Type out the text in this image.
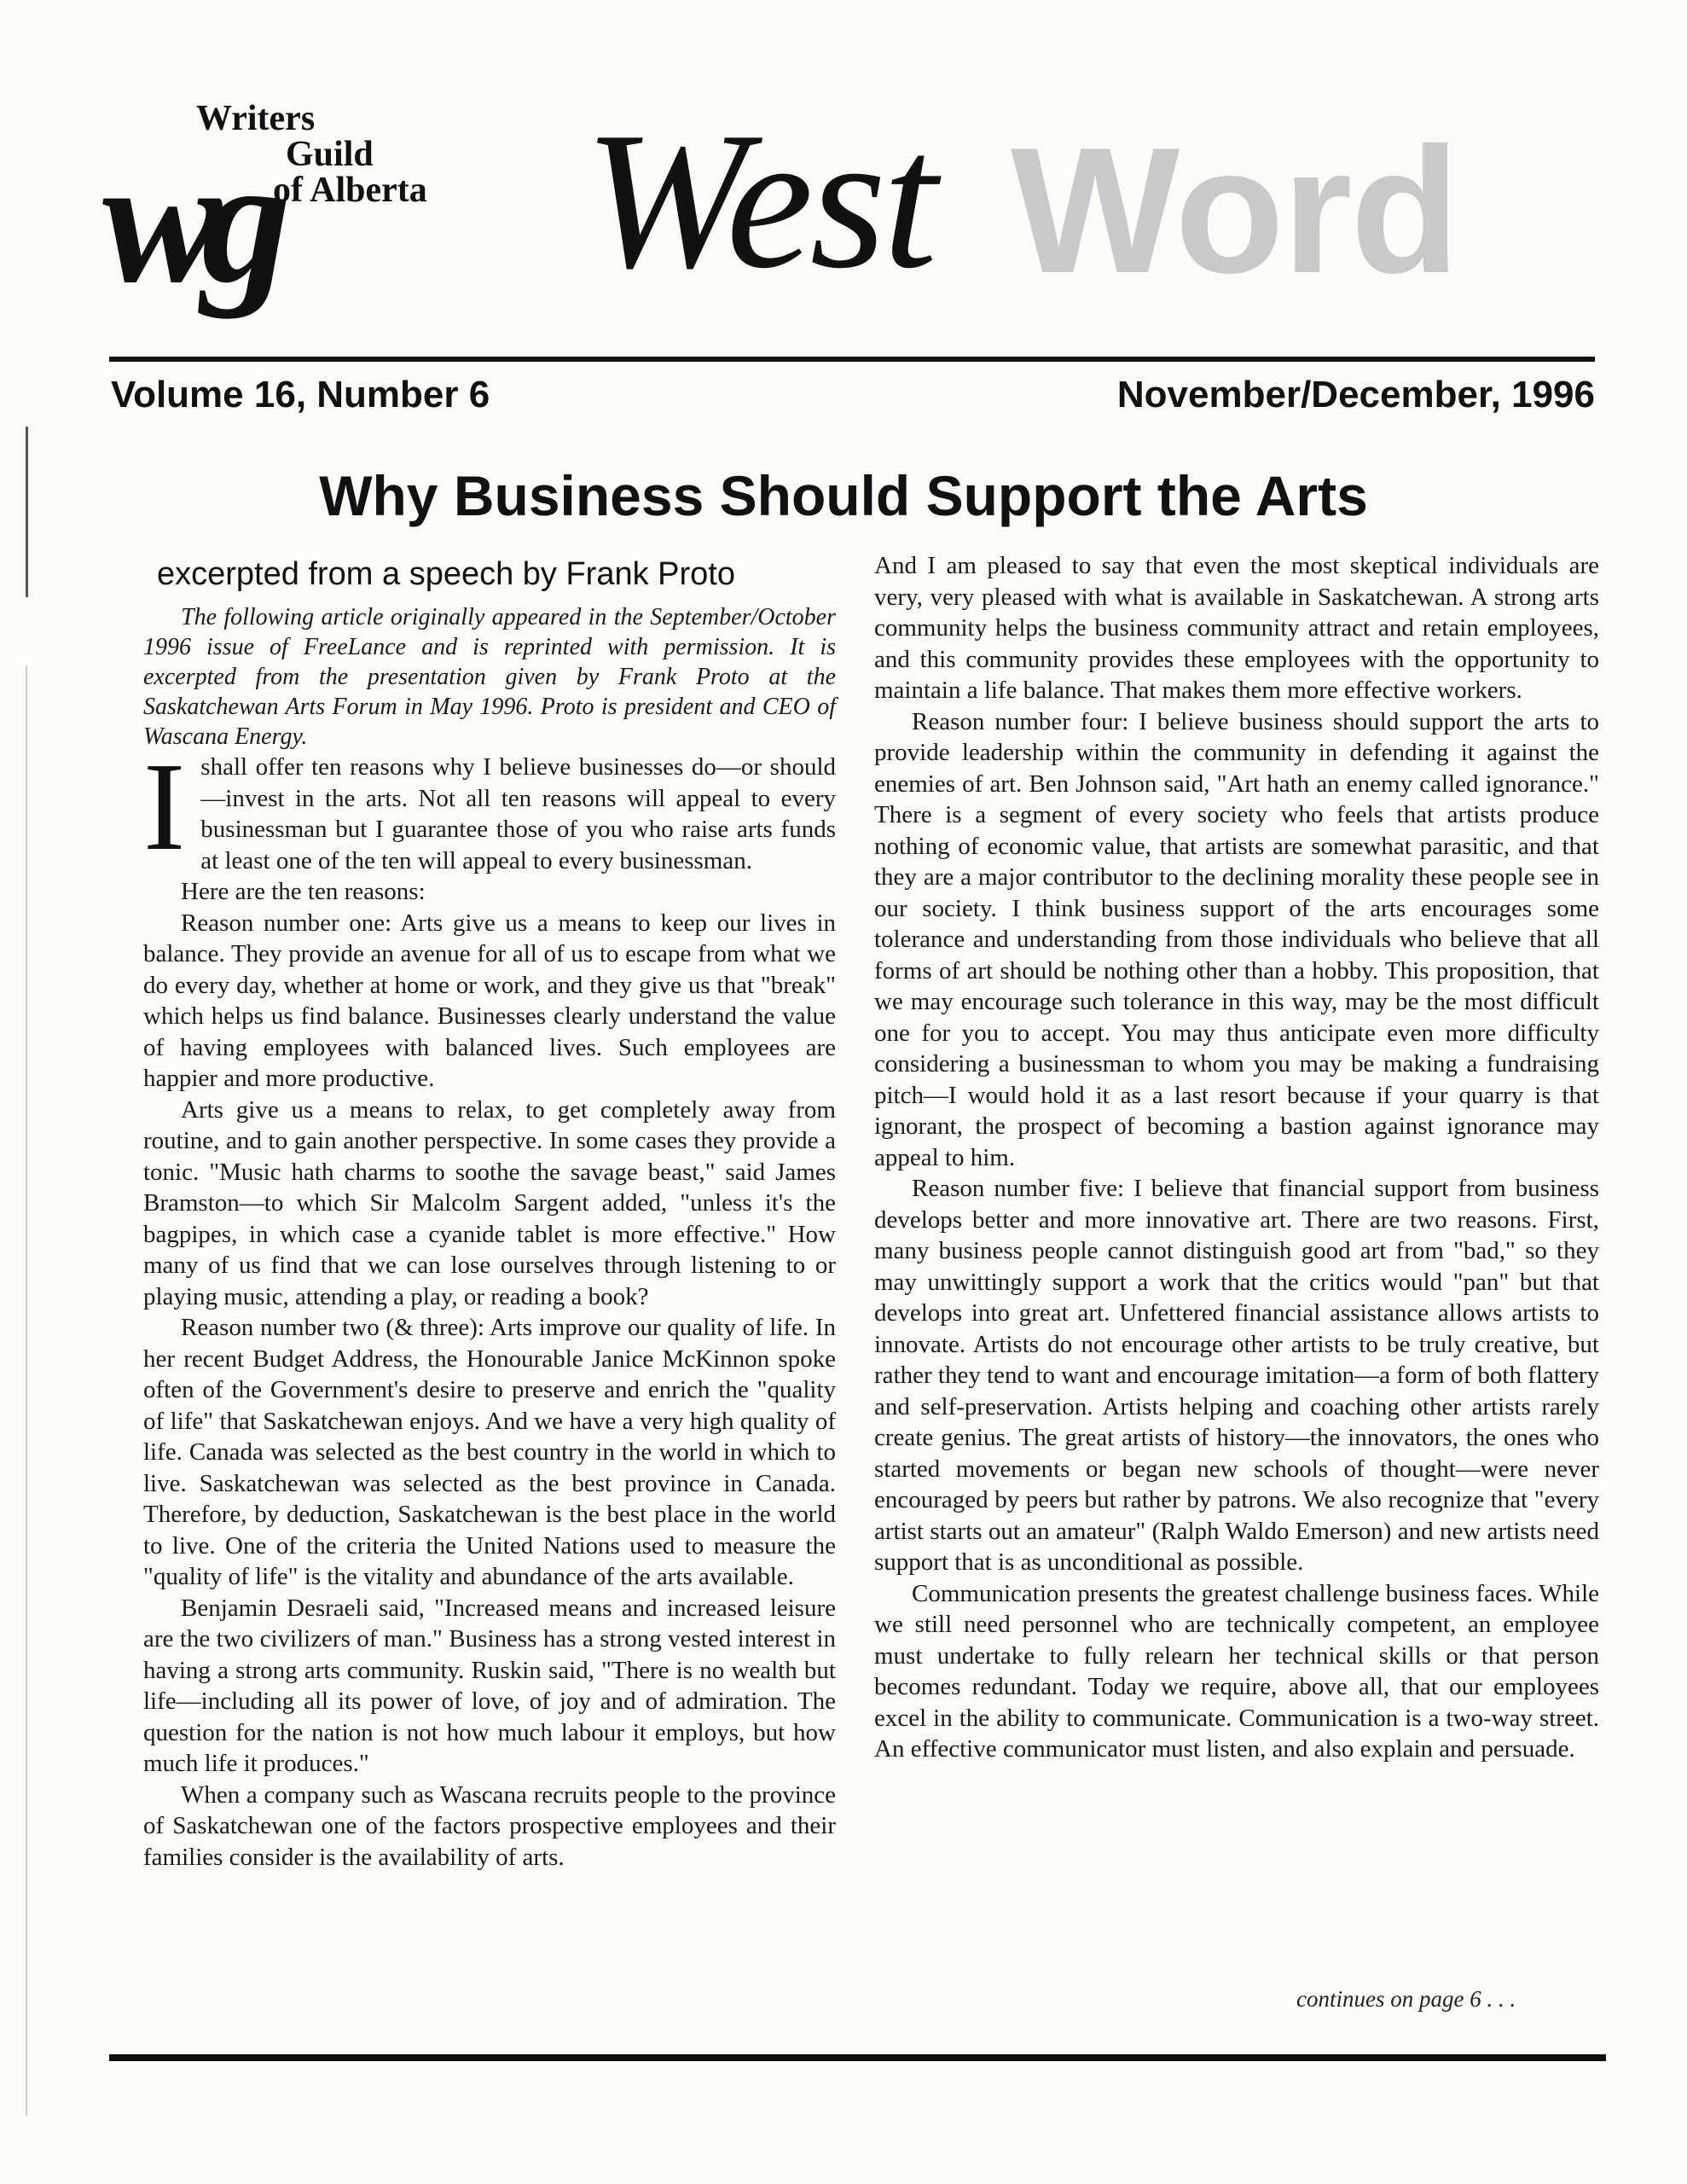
wg
Writers
Guild
of Alberta West Word
Volume 16, Number 6	November/December, 1996
Why Business Should Support the Arts
excerpted from a speech by Frank Proto

The following article originally appeared in the September/October 1996 issue of FreeLance and is reprinted with permission. It is excerpted from the presentation given by Frank Proto at the Saskatchewan Arts Forum in May 1996. Proto is president and CEO of Wascana Energy.

Ishall offer ten reasons why I believe businesses do—or should—invest in the arts. Not all ten reasons will appeal to every businessman but I guarantee those of you who raise arts funds at least one of the ten will appeal to every businessman.

Here are the ten reasons:

Reason number one: Arts give us a means to keep our lives in balance. They provide an avenue for all of us to escape from what we do every day, whether at home or work, and they give us that "break" which helps us find balance. Businesses clearly understand the value of having employees with balanced lives. Such employees are happier and more productive.

Arts give us a means to relax, to get completely away from routine, and to gain another perspective. In some cases they provide a tonic. "Music hath charms to soothe the savage beast," said James Bramston—to which Sir Malcolm Sargent added, "unless it's the bagpipes, in which case a cyanide tablet is more effective." How many of us find that we can lose ourselves through listening to or playing music, attending a play, or reading a book?

Reason number two (& three): Arts improve our quality of life. In her recent Budget Address, the Honourable Janice McKinnon spoke often of the Government's desire to preserve and enrich the "quality of life" that Saskatchewan enjoys. And we have a very high quality of life. Canada was selected as the best country in the world in which to live. Saskatchewan was selected as the best province in Canada. Therefore, by deduction, Saskatchewan is the best place in the world to live. One of the criteria the United Nations used to measure the "quality of life" is the vitality and abundance of the arts available.

Benjamin Desraeli said, "Increased means and increased leisure are the two civilizers of man." Business has a strong vested interest in having a strong arts community. Ruskin said, "There is no wealth but life—including all its power of love, of joy and of admiration. The question for the nation is not how much labour it employs, but how much life it produces."

When a company such as Wascana recruits people to the province of Saskatchewan one of the factors prospective employees and their families consider is the availability of arts.

And I am pleased to say that even the most skeptical individuals are very, very pleased with what is available in Saskatchewan. A strong arts community helps the business community attract and retain employees, and this community provides these employees with the opportunity to maintain a life balance. That makes them more effective workers.

Reason number four: I believe business should support the arts to provide leadership within the community in defending it against the enemies of art. Ben Johnson said, "Art hath an enemy called ignorance." There is a segment of every society who feels that artists produce nothing of economic value, that artists are somewhat parasitic, and that they are a major contributor to the declining morality these people see in our society. I think business support of the arts encourages some tolerance and understanding from those individuals who believe that all forms of art should be nothing other than a hobby. This proposition, that we may encourage such tolerance in this way, may be the most difficult one for you to accept. You may thus anticipate even more difficulty considering a businessman to whom you may be making a fundraising pitch—I would hold it as a last resort because if your quarry is that ignorant, the prospect of becoming a bastion against ignorance may appeal to him.

Reason number five: I believe that financial support from business develops better and more innovative art. There are two reasons. First, many business people cannot distinguish good art from "bad," so they may unwittingly support a work that the critics would "pan" but that develops into great art. Unfettered financial assistance allows artists to innovate. Artists do not encourage other artists to be truly creative, but rather they tend to want and encourage imitation—a form of both flattery and self-preservation. Artists helping and coaching other artists rarely create genius. The great artists of history—the innovators, the ones who started movements or began new schools of thought—were never encouraged by peers but rather by patrons. We also recognize that "every artist starts out an amateur" (Ralph Waldo Emerson) and new artists need support that is as unconditional as possible.

Communication presents the greatest challenge business faces. While we still need personnel who are technically competent, an employee must undertake to fully relearn her technical skills or that person becomes redundant. Today we require, above all, that our employees excel in the ability to communicate. Communication is a two-way street. An effective communicator must listen, and also explain and persuade.

continues on page 6 . . .
